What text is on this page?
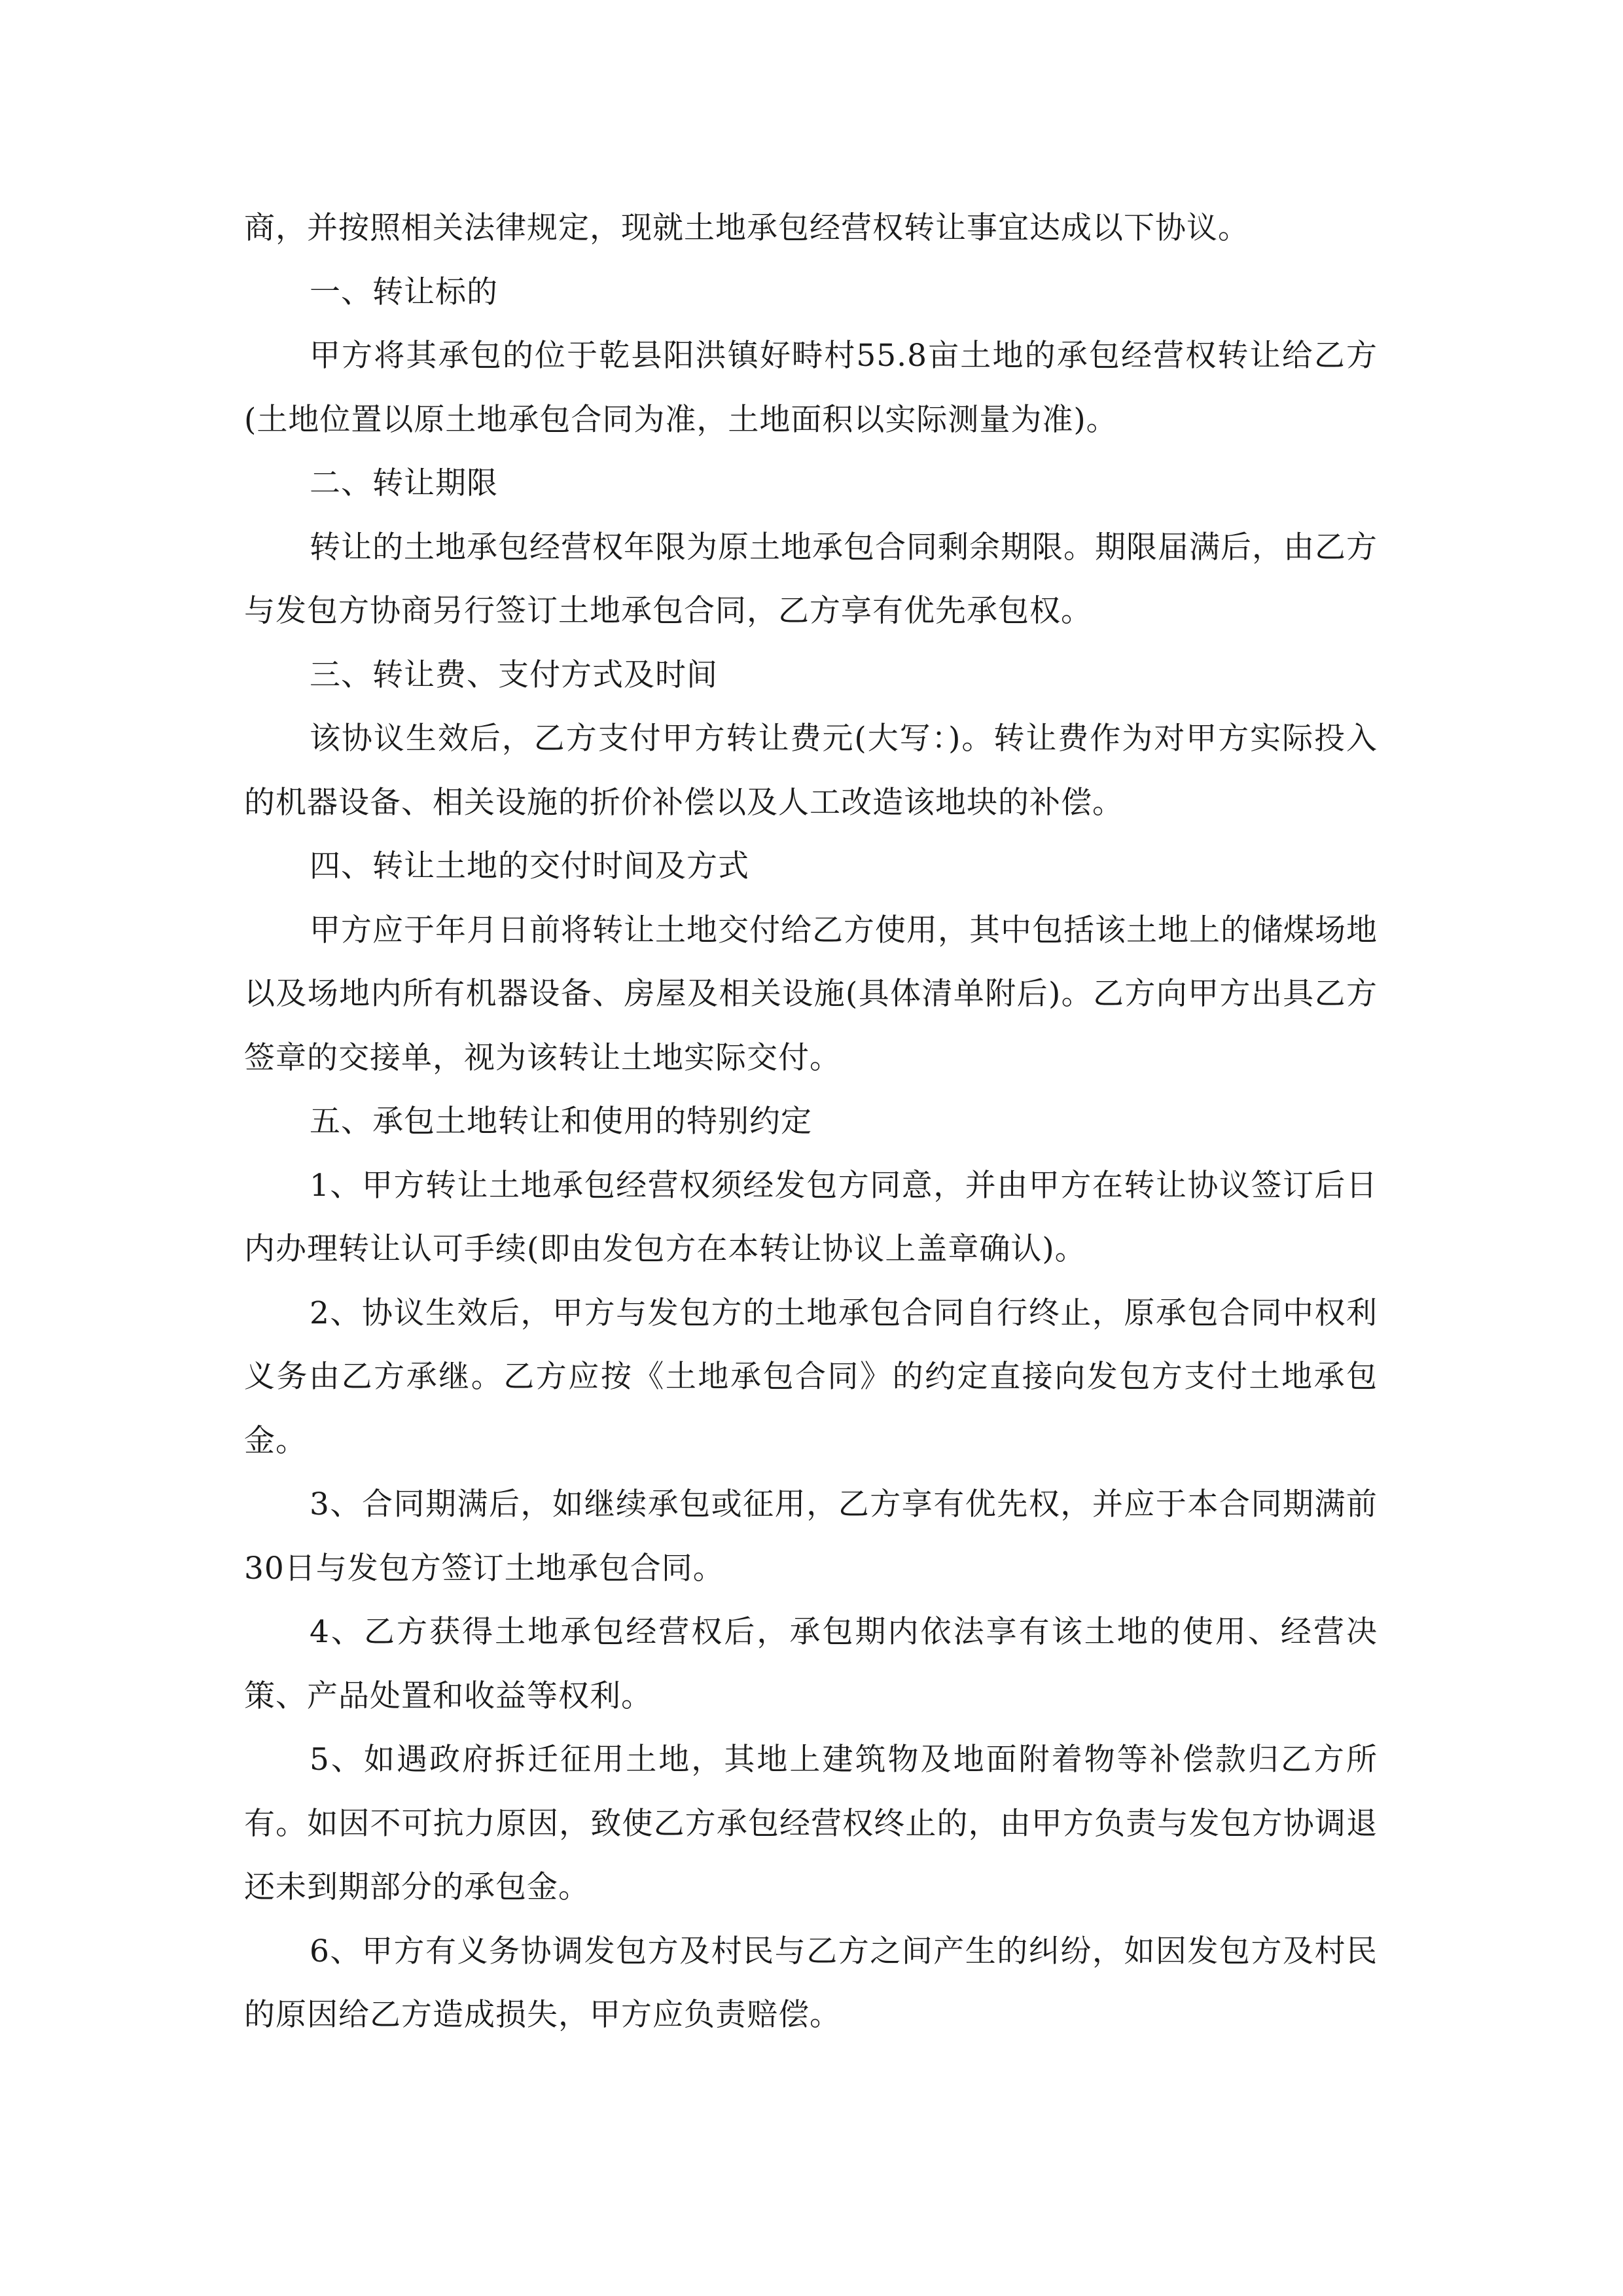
商，并按照相关法律规定，现就土地承包经营权转让事宜达成以下协议。

一、转让标的

甲方将其承包的位于乾县阳洪镇好畤村55.8亩土地的承包经营权转让给乙方(土地位置以原土地承包合同为准，土地面积以实际测量为准)。

二、转让期限

转让的土地承包经营权年限为原土地承包合同剩余期限。期限届满后，由乙方与发包方协商另行签订土地承包合同，乙方享有优先承包权。

三、转让费、支付方式及时间

该协议生效后，乙方支付甲方转让费元(大写：)。转让费作为对甲方实际投入的机器设备、相关设施的折价补偿以及人工改造该地块的补偿。

四、转让土地的交付时间及方式

甲方应于年月日前将转让土地交付给乙方使用，其中包括该土地上的储煤场地以及场地内所有机器设备、房屋及相关设施(具体清单附后)。乙方向甲方出具乙方签章的交接单，视为该转让土地实际交付。

五、承包土地转让和使用的特别约定

1、甲方转让土地承包经营权须经发包方同意，并由甲方在转让协议签订后日内办理转让认可手续(即由发包方在本转让协议上盖章确认)。

2、协议生效后，甲方与发包方的土地承包合同自行终止，原承包合同中权利义务由乙方承继。乙方应按《土地承包合同》的约定直接向发包方支付土地承包金。

3、合同期满后，如继续承包或征用，乙方享有优先权，并应于本合同期满前30日与发包方签订土地承包合同。

4、乙方获得土地承包经营权后，承包期内依法享有该土地的使用、经营决策、产品处置和收益等权利。

5、如遇政府拆迁征用土地，其地上建筑物及地面附着物等补偿款归乙方所有。如因不可抗力原因，致使乙方承包经营权终止的，由甲方负责与发包方协调退还未到期部分的承包金。

6、甲方有义务协调发包方及村民与乙方之间产生的纠纷，如因发包方及村民的原因给乙方造成损失，甲方应负责赔偿。
